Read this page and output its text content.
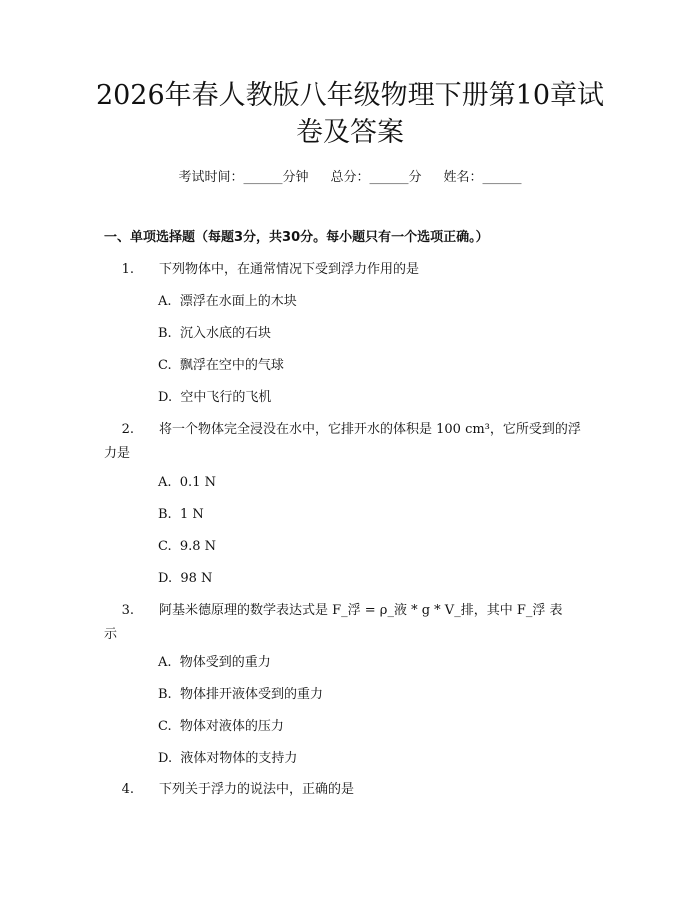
2026年春人教版八年级物理下册第10章试
卷及答案
考试时间：______分钟 总分：______分 姓名：______
一、单项选择题（每题3分，共30分。每小题只有一个选项正确。）
1. 下列物体中，在通常情况下受到浮力作用的是
A.  漂浮在水面上的木块
B.  沉入水底的石块
C.  飘浮在空中的气球
D.  空中飞行的飞机
2. 将一个物体完全浸没在水中，它排开水的体积是 100 cm³，它所受到的浮
力是
A.  0.1 N
B.  1 N
C.  9.8 N
D.  98 N
3. 阿基米德原理的数学表达式是 F_浮 = ρ_液 * g * V_排，其中 F_浮 表
示
A.  物体受到的重力
B.  物体排开液体受到的重力
C.  物体对液体的压力
D.  液体对物体的支持力
4. 下列关于浮力的说法中，正确的是
